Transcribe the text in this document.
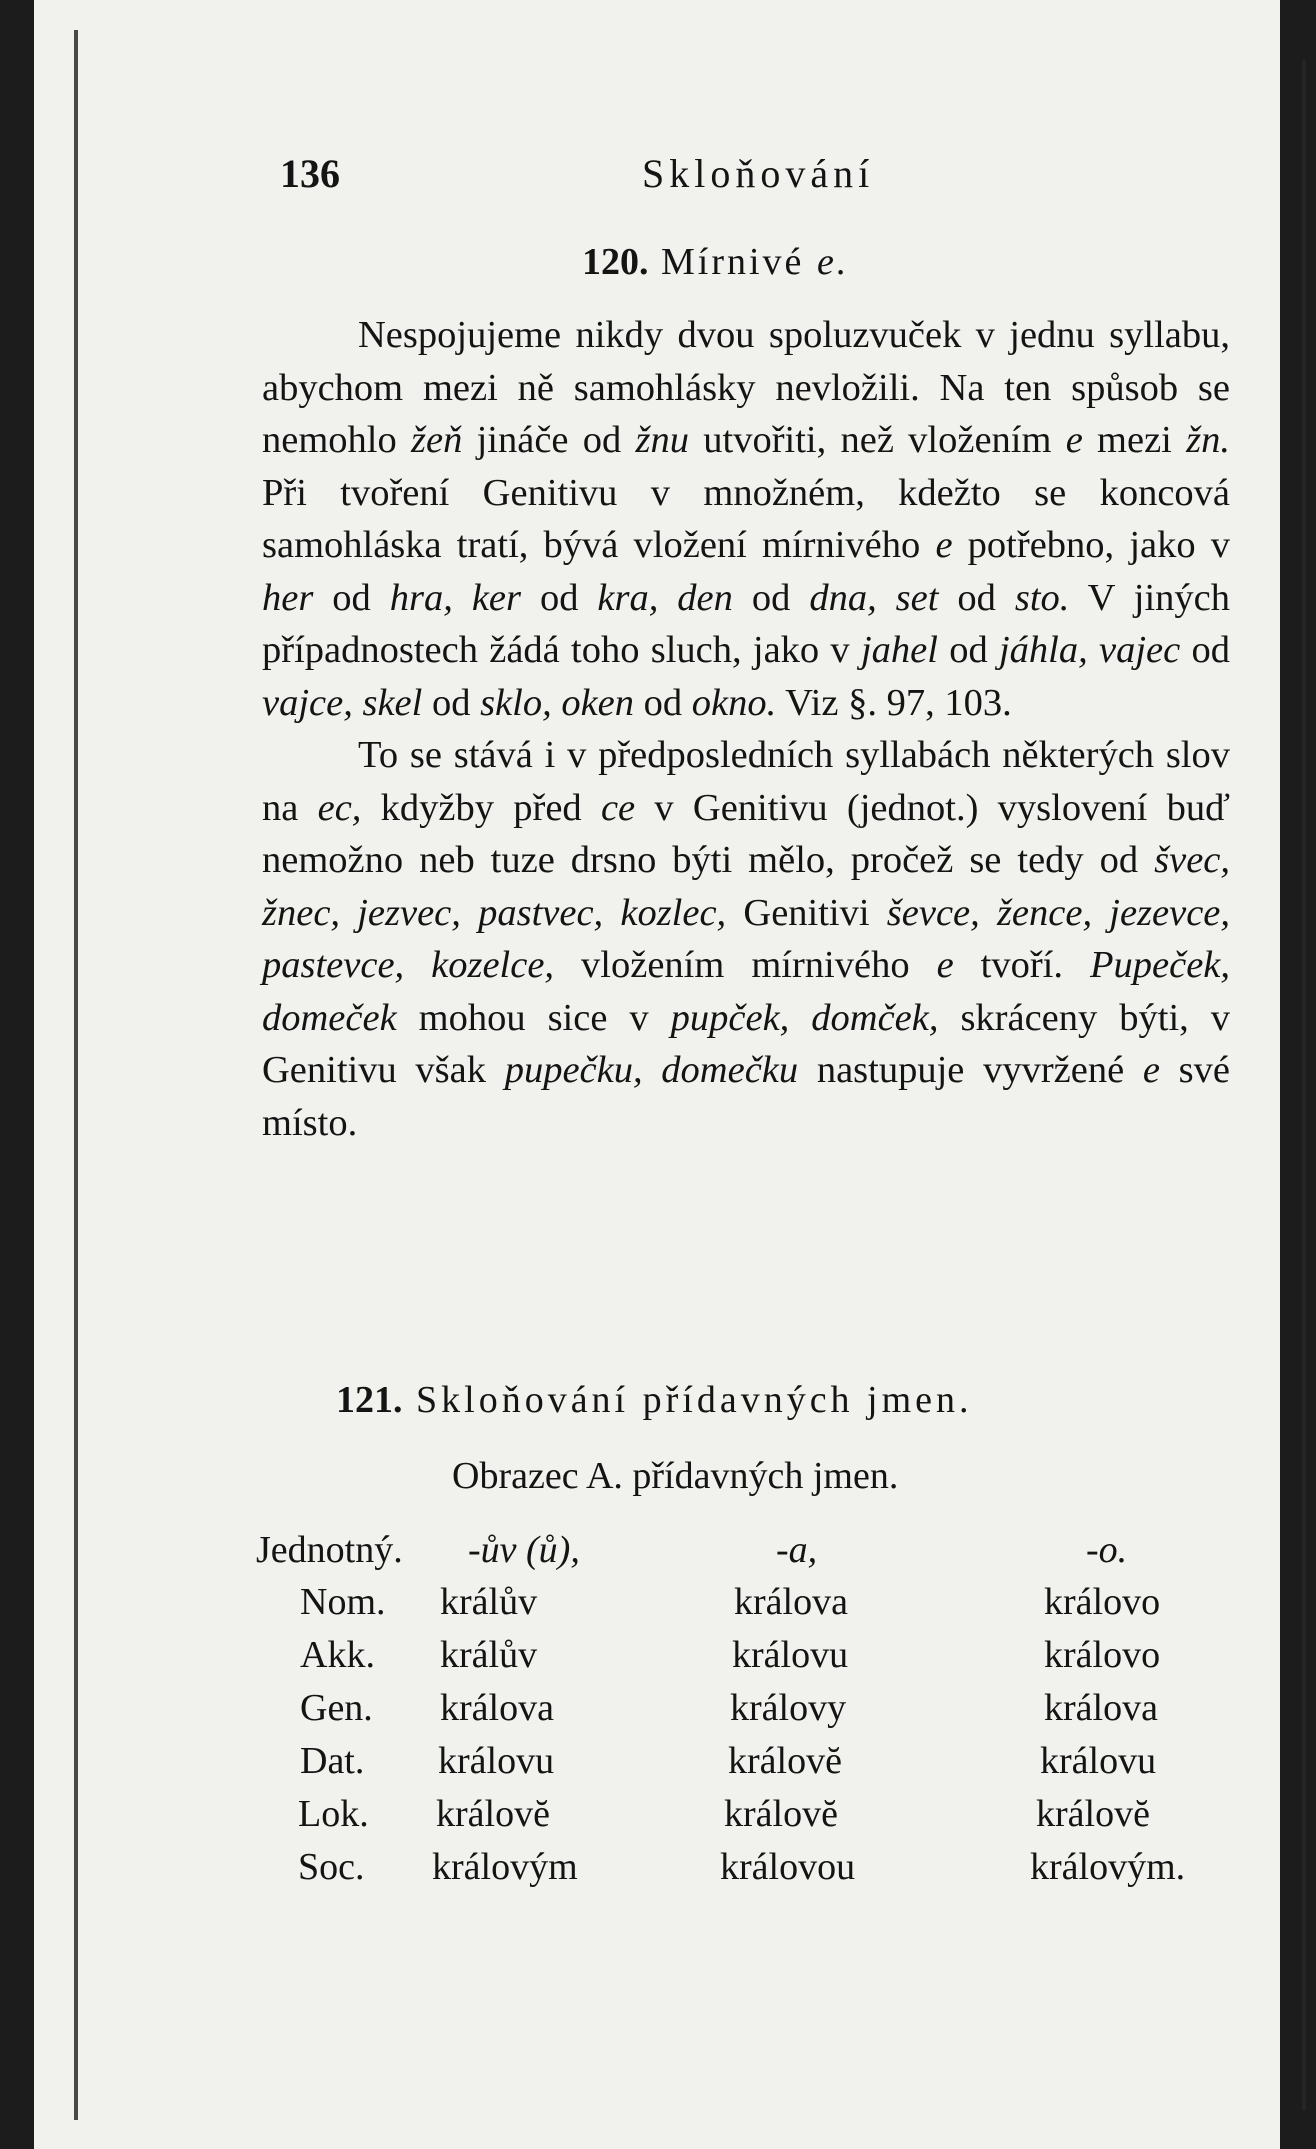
136	Skloňování
120. Mírnivé e.

Nespojujeme nikdy dvou spoluzvuček v jednu syllabu, abychom mezi ně samohlásky nevložili. Na ten spůsob se nemohlo žeň jináče od žnu utvořiti, než vložením e mezi žn. Při tvoření Genitivu v množném, kdežto se koncová samohláska tratí, bývá vložení mírnivého e potřebno, jako v her od hra, ker od kra, den od dna, set od sto. V jiných případnostech žádá toho sluch, jako v jahel od jáhla, vajec od vajce, skel od sklo, oken od okno. Viz §. 97, 103.

To se stává i v předposledních syllabách některých slov na ec, kdyžby před ce v Genitivu (jednot.) vyslovení buď nemožno neb tuze drsno býti mělo, pročež se tedy od švec, žnec, jezvec, pastvec, kozlec, Genitivi ševce, žence, jezevce, pastevce, kozelce, vložením mírnivého e tvoří. Pupeček, domeček mohou sice v pupček, domček, skráceny býti, v Genitivu však pupečku, domečku nastupuje vyvržené e své místo.

121. Skloňování přídavných jmen.
Obrazec A. přídavných jmen.
Jednotný. -ův (ů),	-a,	-o.
Nom. králův	králova	královo
Akk. králův	královu	královo
Gen. králova	královy	králova
Dat. královu	královĕ	královu
Lok. královĕ	královĕ	královĕ
Soc. královým	královou	královým.
